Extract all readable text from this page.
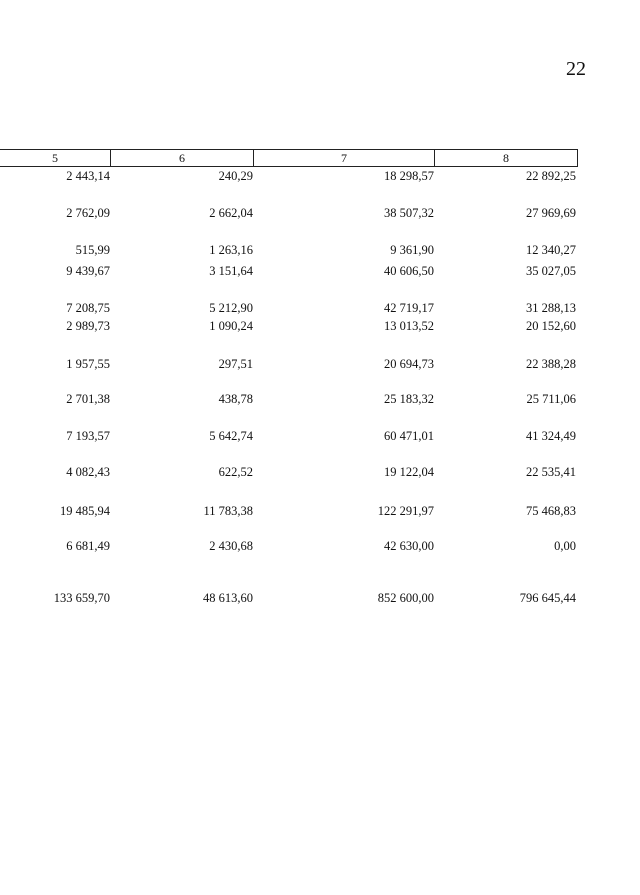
22
5	6	7	8
2 443,14	240,29	18 298,57	22 892,25
2 762,09	2 662,04	38 507,32	27 969,69
515,99	1 263,16	9 361,90	12 340,27
9 439,67	3 151,64	40 606,50	35 027,05
7 208,75	5 212,90	42 719,17	31 288,13
2 989,73	1 090,24	13 013,52	20 152,60
1 957,55	297,51	20 694,73	22 388,28
2 701,38	438,78	25 183,32	25 711,06
7 193,57	5 642,74	60 471,01	41 324,49
4 082,43	622,52	19 122,04	22 535,41
19 485,94	11 783,38	122 291,97	75 468,83
6 681,49	2 430,68	42 630,00	0,00
133 659,70	48 613,60	852 600,00	796 645,44
